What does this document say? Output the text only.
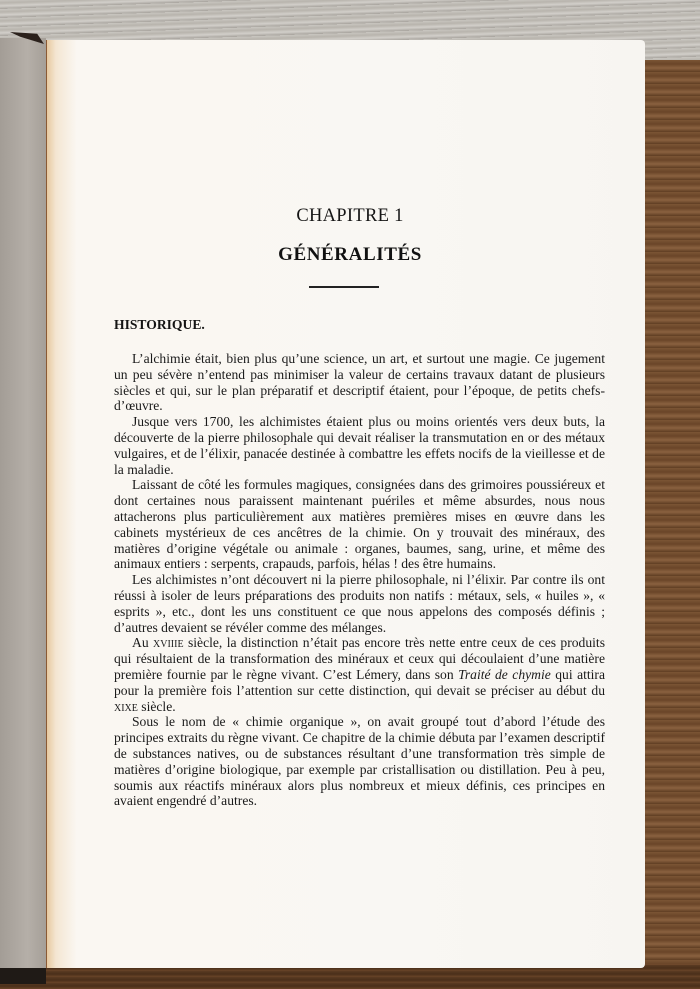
CHAPITRE 1
GÉNÉRALITÉS
HISTORIQUE.

L’alchimie était, bien plus qu’une science, un art, et surtout une magie. Ce jugement un peu sévère n’entend pas minimiser la valeur de certains travaux datant de plusieurs siècles et qui, sur le plan préparatif et descriptif étaient, pour l’époque, de petits chefs-d’œuvre.

Jusque vers 1700, les alchimistes étaient plus ou moins orientés vers deux buts, la découverte de la pierre philosophale qui devait réaliser la transmutation en or des métaux vulgaires, et de l’élixir, panacée destinée à combattre les effets nocifs de la vieillesse et de la maladie.

Laissant de côté les formules magiques, consignées dans des grimoires poussiéreux et dont certaines nous paraissent maintenant puériles et même absurdes, nous nous attacherons plus particulièrement aux matières premières mises en œuvre dans les cabinets mystérieux de ces ancêtres de la chimie. On y trouvait des minéraux, des matières d’origine végétale ou animale : organes, baumes, sang, urine, et même des animaux entiers : serpents, crapauds, parfois, hélas ! des être humains.

Les alchimistes n’ont découvert ni la pierre philosophale, ni l’élixir. Par contre ils ont réussi à isoler de leurs préparations des produits non natifs : métaux, sels, « huiles », « esprits », etc., dont les uns constituent ce que nous appelons des composés définis ; d’autres devaient se révéler comme des mélanges.

Au xviiie siècle, la distinction n’était pas encore très nette entre ceux de ces produits qui résultaient de la transformation des minéraux et ceux qui découlaient d’une matière première fournie par le règne vivant. C’est Lémery, dans son Traité de chymie qui attira pour la première fois l’attention sur cette distinction, qui devait se préciser au début du xixe siècle.

Sous le nom de « chimie organique », on avait groupé tout d’abord l’étude des principes extraits du règne vivant. Ce chapitre de la chimie débuta par l’examen descriptif de substances natives, ou de substances résultant d’une transformation très simple de matières d’origine biologique, par exemple par cristallisation ou distillation. Peu à peu, soumis aux réactifs minéraux alors plus nombreux et mieux définis, ces principes en avaient engendré d’autres.
